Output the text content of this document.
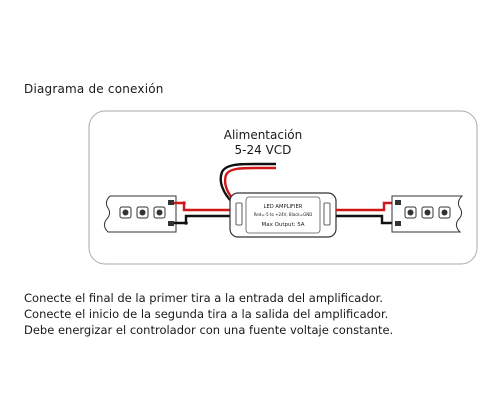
Diagrama de conexión
Alimentación
5-24 VCD
LED AMPLIFIER
Red=-5 to +24V, Black=GND
Max Output: 5A
Conecte el final de la primer tira a la entrada del amplificador.
Conecte el inicio de la segunda tira a la salida del amplificador.
Debe energizar el controlador con una fuente voltaje constante.
